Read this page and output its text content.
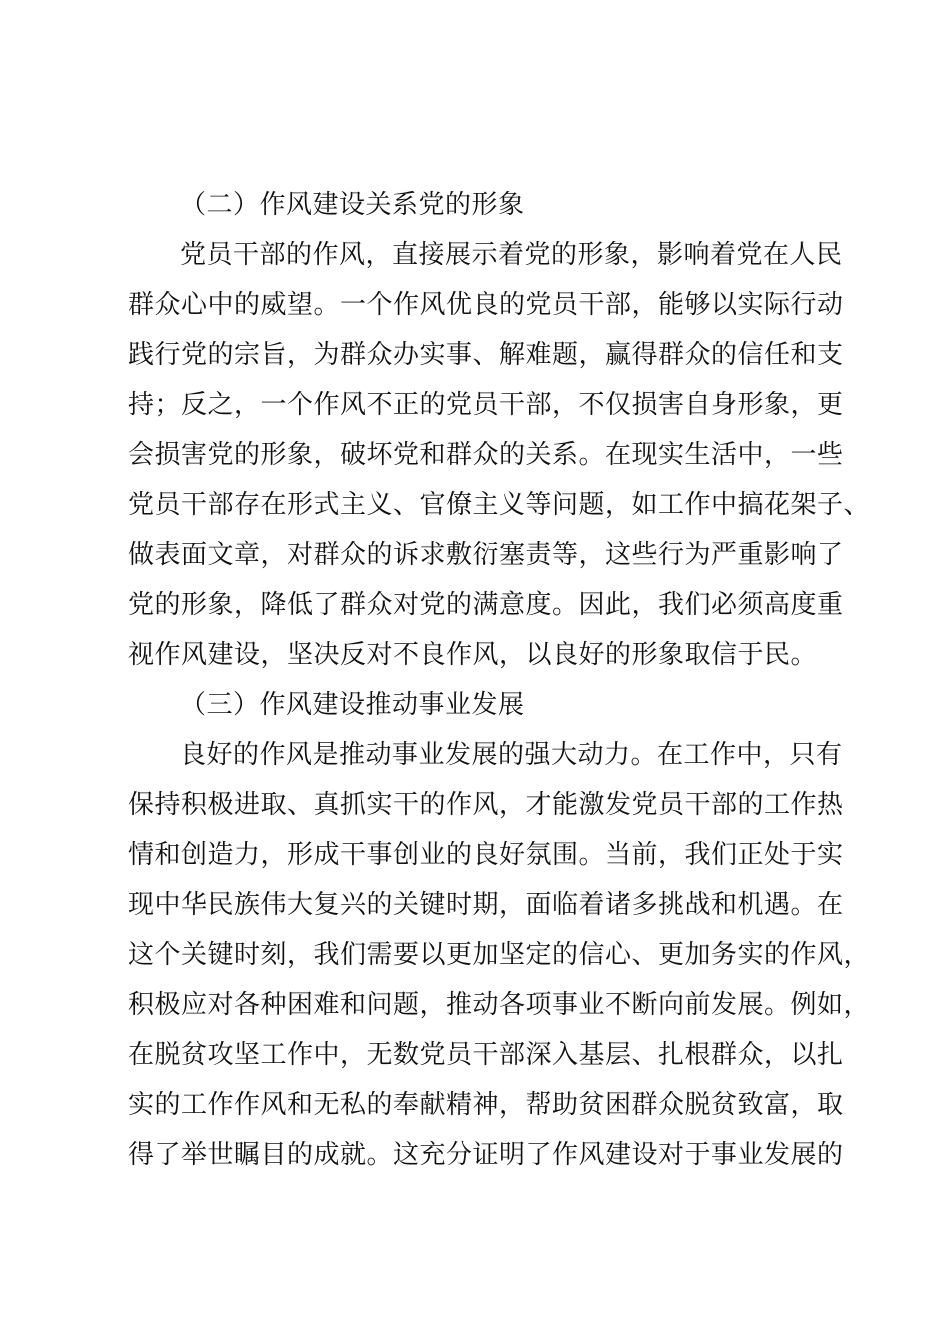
（二）作风建设关系党的形象
党员干部的作风，直接展示着党的形象，影响着党在人民
群众心中的威望。一个作风优良的党员干部，能够以实际行动
践行党的宗旨，为群众办实事、解难题，赢得群众的信任和支
持；反之，一个作风不正的党员干部，不仅损害自身形象，更
会损害党的形象，破坏党和群众的关系。在现实生活中，一些
党员干部存在形式主义、官僚主义等问题，如工作中搞花架子、
做表面文章，对群众的诉求敷衍塞责等，这些行为严重影响了
党的形象，降低了群众对党的满意度。因此，我们必须高度重
视作风建设，坚决反对不良作风，以良好的形象取信于民。
（三）作风建设推动事业发展
良好的作风是推动事业发展的强大动力。在工作中，只有
保持积极进取、真抓实干的作风，才能激发党员干部的工作热
情和创造力，形成干事创业的良好氛围。当前，我们正处于实
现中华民族伟大复兴的关键时期，面临着诸多挑战和机遇。在
这个关键时刻，我们需要以更加坚定的信心、更加务实的作风，
积极应对各种困难和问题，推动各项事业不断向前发展。例如，
在脱贫攻坚工作中，无数党员干部深入基层、扎根群众，以扎
实的工作作风和无私的奉献精神，帮助贫困群众脱贫致富，取
得了举世瞩目的成就。这充分证明了作风建设对于事业发展的
